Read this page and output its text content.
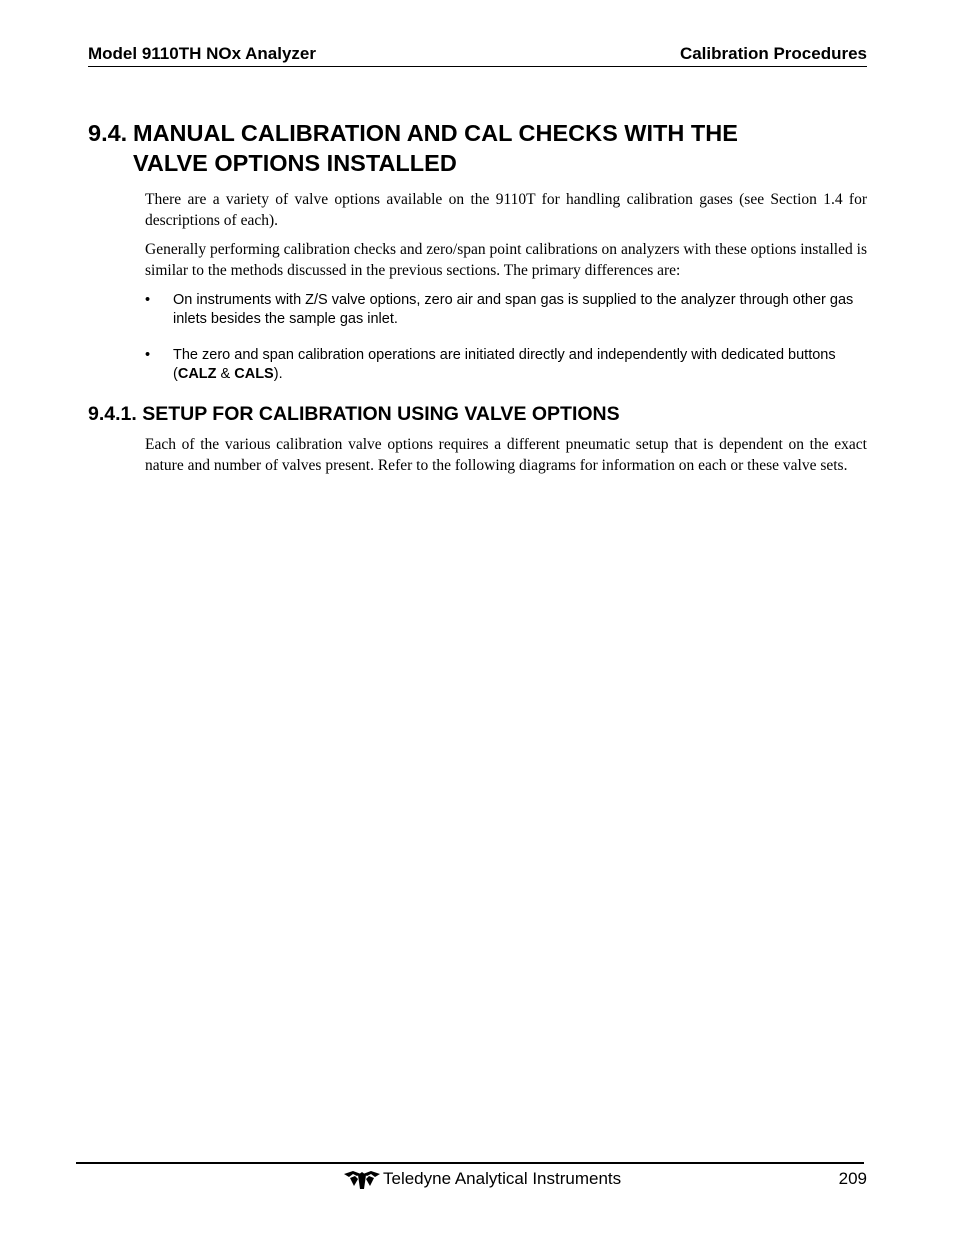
Model 9110TH NOx Analyzer	Calibration Procedures
9.4. MANUAL CALIBRATION AND CAL CHECKS WITH THE
VALVE OPTIONS INSTALLED
There are a variety of valve options available on the 9110T for handling calibration gases (see Section 1.4 for descriptions of each).
Generally performing calibration checks and zero/span point calibrations on analyzers with these options installed is similar to the methods discussed in the previous sections. The primary differences are:
• On instruments with Z/S valve options, zero air and span gas is supplied to the analyzer through other gas inlets besides the sample gas inlet.
• The zero and span calibration operations are initiated directly and independently with dedicated buttons (CALZ & CALS).
9.4.1. SETUP FOR CALIBRATION USING VALVE OPTIONS
Each of the various calibration valve options requires a different pneumatic setup that is dependent on the exact nature and number of valves present. Refer to the following diagrams for information on each or these valve sets.
Teledyne Analytical Instruments	209
